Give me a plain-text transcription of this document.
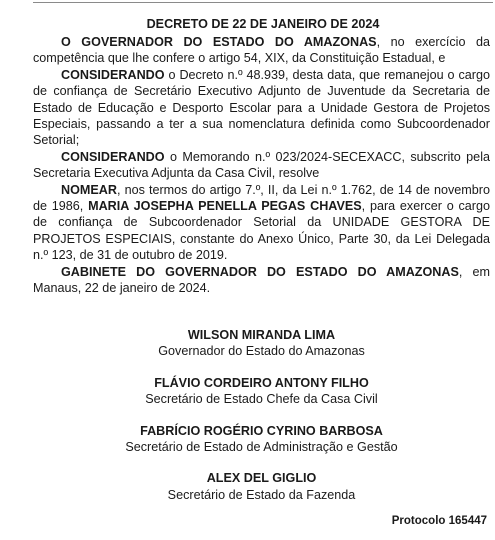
DECRETO DE 22 DE JANEIRO DE 2024

O GOVERNADOR DO ESTADO DO AMAZONAS, no exercício da competência que lhe confere o artigo 54, XIX, da Constituição Estadual, e

CONSIDERANDO o Decreto n.º 48.939, desta data, que remanejou o cargo de confiança de Secretário Executivo Adjunto de Juventude da Secretaria de Estado de Educação e Desporto Escolar para a Unidade Gestora de Projetos Especiais, passando a ter a sua nomenclatura definida como Subcoordenador Setorial;

CONSIDERANDO o Memorando n.º 023/2024-SECEXACC, subscrito pela Secretaria Executiva Adjunta da Casa Civil, resolve

NOMEAR, nos termos do artigo 7.º, II, da Lei n.º 1.762, de 14 de novembro de 1986, MARIA JOSEPHA PENELLA PEGAS CHAVES, para exercer o cargo de confiança de Subcoordenador Setorial da UNIDADE GESTORA DE PROJETOS ESPECIAIS, constante do Anexo Único, Parte 30, da Lei Delegada n.º 123, de 31 de outubro de 2019.

GABINETE DO GOVERNADOR DO ESTADO DO AMAZONAS, em Manaus, 22 de janeiro de 2024.

WILSON MIRANDA LIMA
Governador do Estado do Amazonas
FLÁVIO CORDEIRO ANTONY FILHO
Secretário de Estado Chefe da Casa Civil
FABRÍCIO ROGÉRIO CYRINO BARBOSA
Secretário de Estado de Administração e Gestão
ALEX DEL GIGLIO
Secretário de Estado da Fazenda
Protocolo 165447
